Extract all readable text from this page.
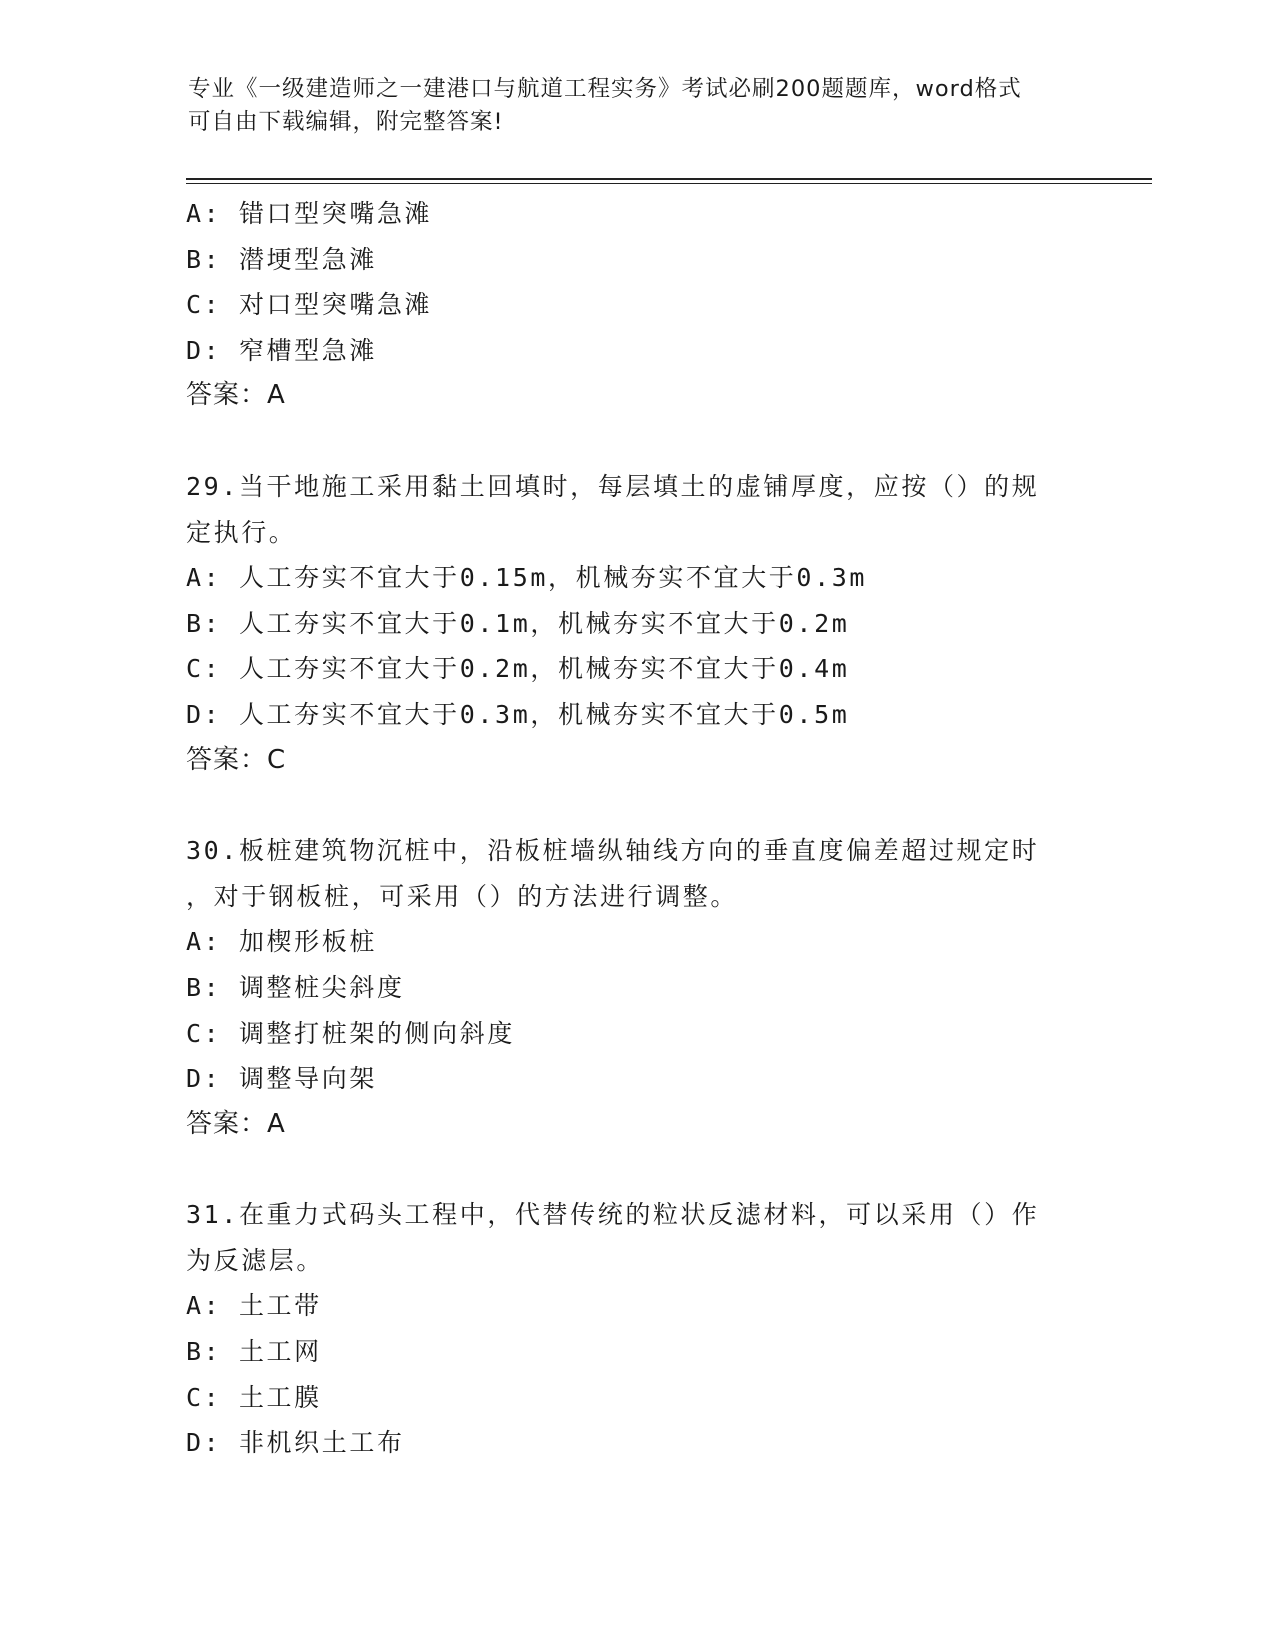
专业《一级建造师之一建港口与航道工程实务》考试必刷200题题库，word格式
可自由下载编辑，附完整答案!
A: 错口型突嘴急滩
B: 潜埂型急滩
C: 对口型突嘴急滩
D: 窄槽型急滩
答案：A
29.当干地施工采用黏土回填时，每层填土的虚铺厚度，应按（）的规
定执行。
A: 人工夯实不宜大于0.15m，机械夯实不宜大于0.3m
B: 人工夯实不宜大于0.1m，机械夯实不宜大于0.2m
C: 人工夯实不宜大于0.2m，机械夯实不宜大于0.4m
D: 人工夯实不宜大于0.3m，机械夯实不宜大于0.5m
答案：C
30.板桩建筑物沉桩中，沿板桩墙纵轴线方向的垂直度偏差超过规定时
，对于钢板桩，可采用（）的方法进行调整。
A: 加楔形板桩
B: 调整桩尖斜度
C: 调整打桩架的侧向斜度
D: 调整导向架
答案：A
31.在重力式码头工程中，代替传统的粒状反滤材料，可以采用（）作
为反滤层。
A: 土工带
B: 土工网
C: 土工膜
D: 非机织土工布
